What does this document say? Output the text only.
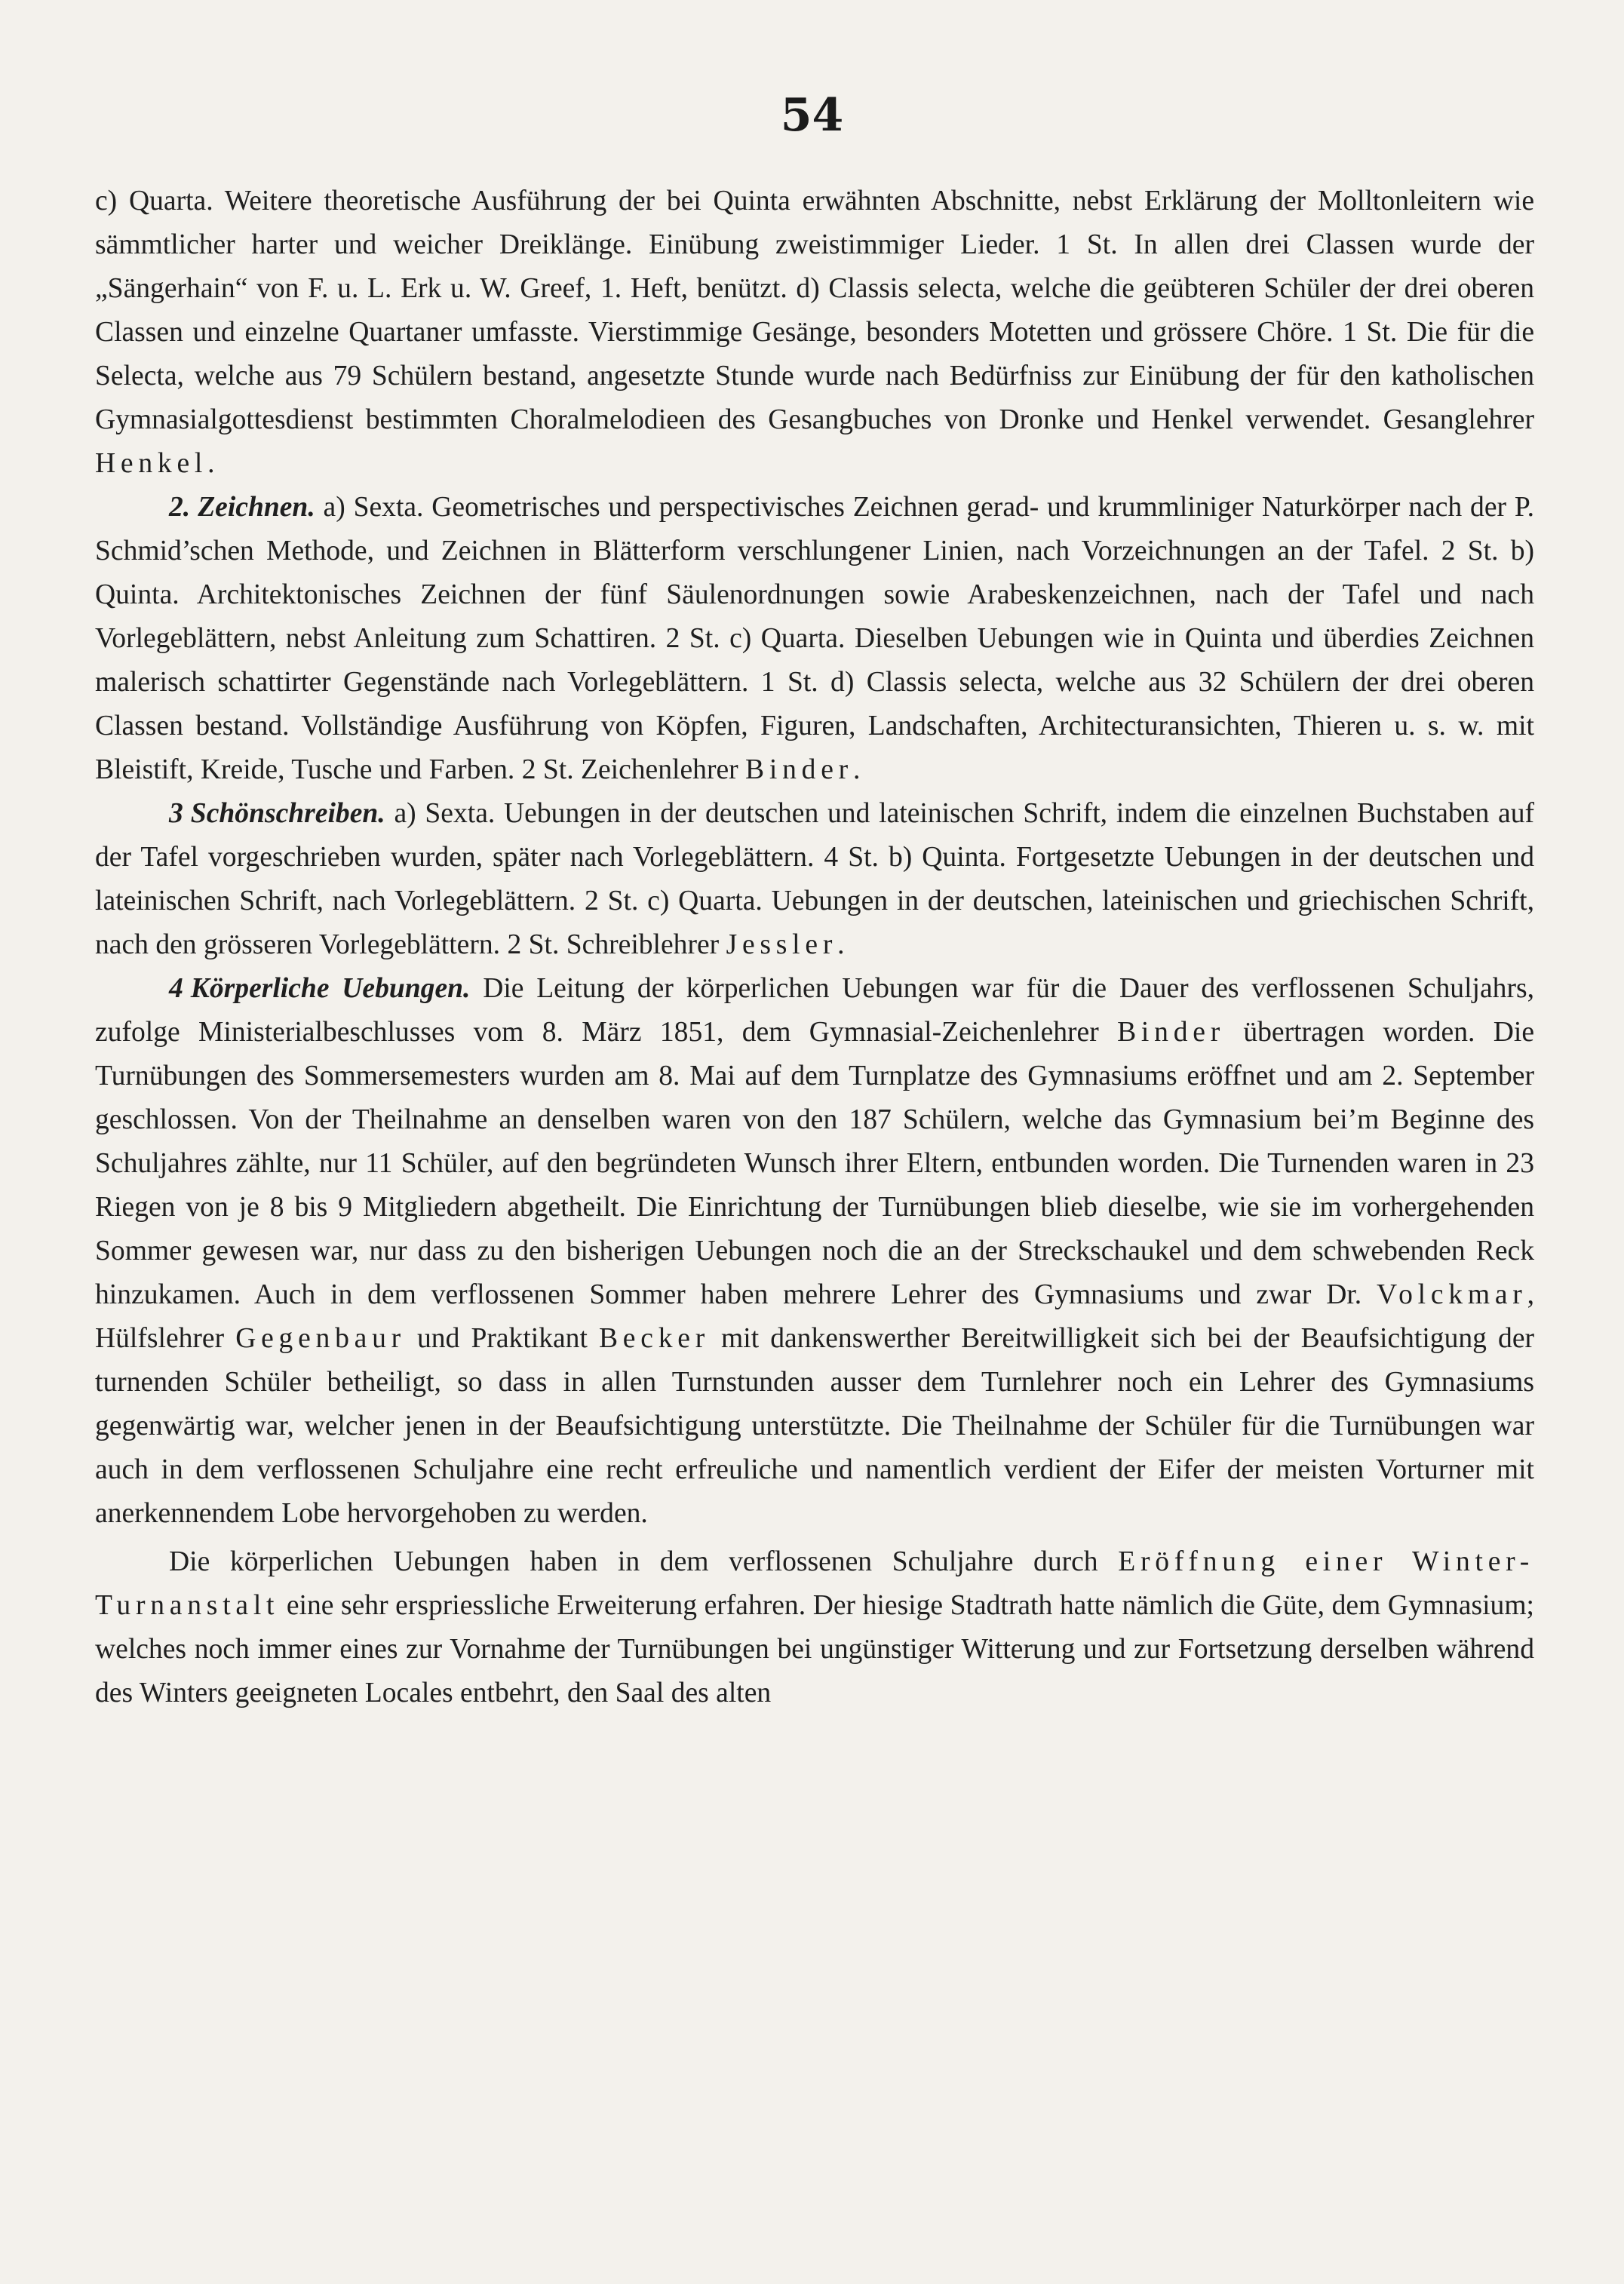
54

c) Quarta. Weitere theoretische Ausführung der bei Quinta erwähnten Abschnitte, nebst Erklärung der Molltonleitern wie sämmtlicher harter und weicher Dreiklänge. Einübung zweistimmiger Lieder. 1 St. In allen drei Classen wurde der „Sängerhain“ von F. u. L. Erk u. W. Greef, 1. Heft, benützt. d) Classis selecta, welche die geübteren Schüler der drei oberen Classen und einzelne Quartaner umfasste. Vierstimmige Gesänge, besonders Motetten und grössere Chöre. 1 St. Die für die Selecta, welche aus 79 Schülern bestand, angesetzte Stunde wurde nach Bedürfniss zur Einübung der für den katholischen Gymnasialgottesdienst bestimmten Choralmelodieen des Gesangbuches von Dronke und Henkel verwendet. Gesanglehrer Henkel.

2. Zeichnen. a) Sexta. Geometrisches und perspectivisches Zeichnen gerad- und krummliniger Naturkörper nach der P. Schmid’schen Methode, und Zeichnen in Blätterform verschlungener Linien, nach Vorzeichnungen an der Tafel. 2 St. b) Quinta. Architektonisches Zeichnen der fünf Säulenordnungen sowie Arabeskenzeichnen, nach der Tafel und nach Vorlegeblättern, nebst Anleitung zum Schattiren. 2 St. c) Quarta. Dieselben Uebungen wie in Quinta und überdies Zeichnen malerisch schattirter Gegenstände nach Vorlegeblättern. 1 St. d) Classis selecta, welche aus 32 Schülern der drei oberen Classen bestand. Vollständige Ausführung von Köpfen, Figuren, Landschaften, Architecturansichten, Thieren u. s. w. mit Bleistift, Kreide, Tusche und Farben. 2 St. Zeichenlehrer Binder.

3 Schönschreiben. a) Sexta. Uebungen in der deutschen und lateinischen Schrift, indem die einzelnen Buchstaben auf der Tafel vorgeschrieben wurden, später nach Vorlegeblättern. 4 St. b) Quinta. Fortgesetzte Uebungen in der deutschen und lateinischen Schrift, nach Vorlegeblättern. 2 St. c) Quarta. Uebungen in der deutschen, lateinischen und griechischen Schrift, nach den grösseren Vorlegeblättern. 2 St. Schreiblehrer Jessler.

4 Körperliche Uebungen. Die Leitung der körperlichen Uebungen war für die Dauer des verflossenen Schuljahrs, zufolge Ministerialbeschlusses vom 8. März 1851, dem Gymnasial-Zeichenlehrer Binder übertragen worden. Die Turnübungen des Sommersemesters wurden am 8. Mai auf dem Turnplatze des Gymnasiums eröffnet und am 2. September geschlossen. Von der Theilnahme an denselben waren von den 187 Schülern, welche das Gymnasium bei’m Beginne des Schuljahres zählte, nur 11 Schüler, auf den begründeten Wunsch ihrer Eltern, entbunden worden. Die Turnenden waren in 23 Riegen von je 8 bis 9 Mitgliedern abgetheilt. Die Einrichtung der Turnübungen blieb dieselbe, wie sie im vorhergehenden Sommer gewesen war, nur dass zu den bisherigen Uebungen noch die an der Streckschaukel und dem schwebenden Reck hinzukamen. Auch in dem verflossenen Sommer haben mehrere Lehrer des Gymnasiums und zwar Dr. Volckmar, Hülfslehrer Gegenbaur und Praktikant Becker mit dankenswerther Bereitwilligkeit sich bei der Beaufsichtigung der turnenden Schüler betheiligt, so dass in allen Turnstunden ausser dem Turnlehrer noch ein Lehrer des Gymnasiums gegenwärtig war, welcher jenen in der Beaufsichtigung unterstützte. Die Theilnahme der Schüler für die Turnübungen war auch in dem verflossenen Schuljahre eine recht erfreuliche und namentlich verdient der Eifer der meisten Vorturner mit anerkennendem Lobe hervorgehoben zu werden.

Die körperlichen Uebungen haben in dem verflossenen Schuljahre durch Eröffnung einer Winter-Turnanstalt eine sehr erspriessliche Erweiterung erfahren. Der hiesige Stadtrath hatte nämlich die Güte, dem Gymnasium; welches noch immer eines zur Vornahme der Turnübungen bei ungünstiger Witterung und zur Fortsetzung derselben während des Winters geeigneten Locales entbehrt, den Saal des alten
